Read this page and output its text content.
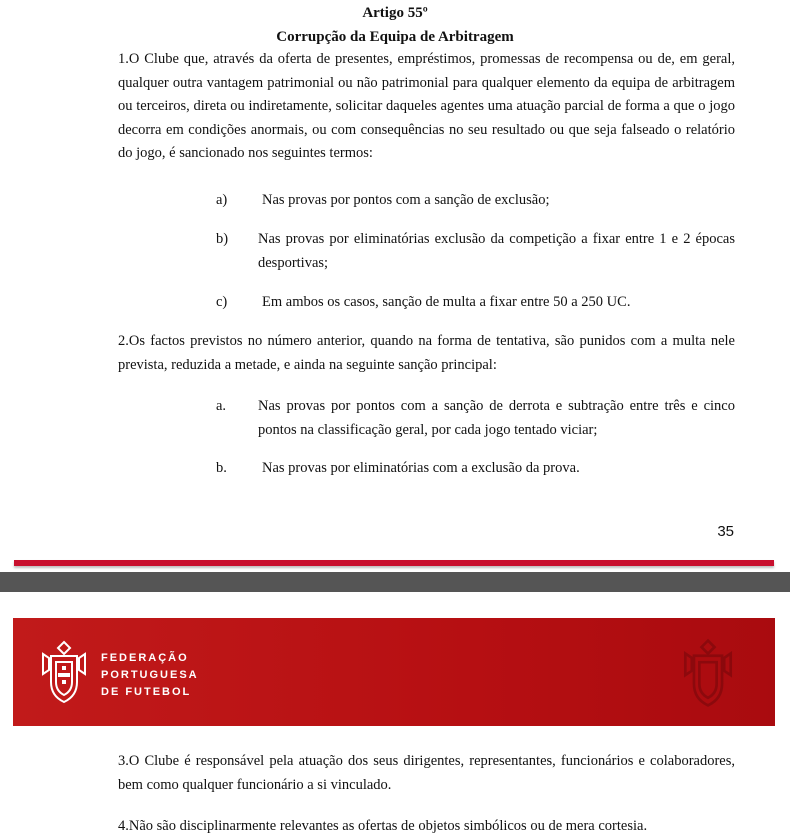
Artigo 55º
Corrupção da Equipa de Arbitragem
1.O Clube que, através da oferta de presentes, empréstimos, promessas de recompensa ou de, em geral, qualquer outra vantagem patrimonial ou não patrimonial para qualquer elemento da equipa de arbitragem ou terceiros, direta ou indiretamente, solicitar daqueles agentes uma atuação parcial de forma a que o jogo decorra em condições anormais, ou com consequências no seu resultado ou que seja falseado o relatório do jogo, é sancionado nos seguintes termos:
a) Nas provas por pontos com a sanção de exclusão;
b) Nas provas por eliminatórias exclusão da competição a fixar entre 1 e 2 épocas desportivas;
c) Em ambos os casos, sanção de multa a fixar entre 50 a 250 UC.
2.Os factos previstos no número anterior, quando na forma de tentativa, são punidos com a multa nele prevista, reduzida a metade, e ainda na seguinte sanção principal:
a. Nas provas por pontos com a sanção de derrota e subtração entre três e cinco pontos na classificação geral, por cada jogo tentado viciar;
b. Nas provas por eliminatórias com a exclusão da prova.
35
FEDERAÇÃO
PORTUGUESA
DE FUTEBOL
3.O Clube é responsável pela atuação dos seus dirigentes, representantes, funcionários e colaboradores, bem como qualquer funcionário a si vinculado.
4.Não são disciplinarmente relevantes as ofertas de objetos simbólicos ou de mera cortesia.
